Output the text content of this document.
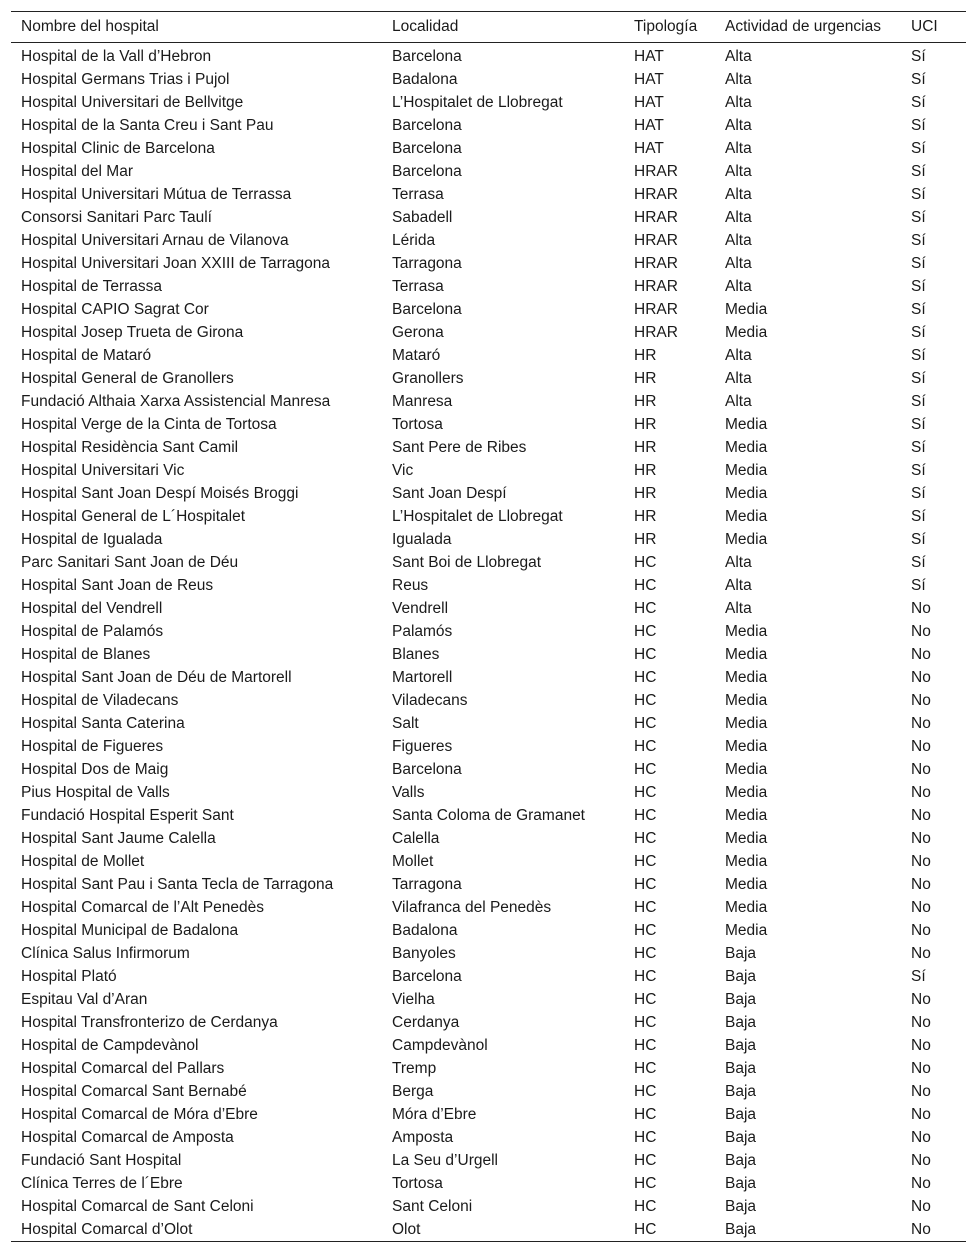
Nombre del hospital	Localidad	Tipología	Actividad de urgencias	UCI
Hospital de la Vall d’Hebron	Barcelona	HAT	Alta	Sí
Hospital Germans Trias i Pujol	Badalona	HAT	Alta	Sí
Hospital Universitari de Bellvitge	L’Hospitalet de Llobregat	HAT	Alta	Sí
Hospital de la Santa Creu i Sant Pau	Barcelona	HAT	Alta	Sí
Hospital Clinic de Barcelona	Barcelona	HAT	Alta	Sí
Hospital del Mar	Barcelona	HRAR	Alta	Sí
Hospital Universitari Mútua de Terrassa	Terrasa	HRAR	Alta	Sí
Consorsi Sanitari Parc Taulí	Sabadell	HRAR	Alta	Sí
Hospital Universitari Arnau de Vilanova	Lérida	HRAR	Alta	Sí
Hospital Universitari Joan XXIII de Tarragona	Tarragona	HRAR	Alta	Sí
Hospital de Terrassa	Terrasa	HRAR	Alta	Sí
Hospital CAPIO Sagrat Cor	Barcelona	HRAR	Media	Sí
Hospital Josep Trueta de Girona	Gerona	HRAR	Media	Sí
Hospital de Mataró	Mataró	HR	Alta	Sí
Hospital General de Granollers	Granollers	HR	Alta	Sí
Fundació Althaia Xarxa Assistencial Manresa	Manresa	HR	Alta	Sí
Hospital Verge de la Cinta de Tortosa	Tortosa	HR	Media	Sí
Hospital Residència Sant Camil	Sant Pere de Ribes	HR	Media	Sí
Hospital Universitari Vic	Vic	HR	Media	Sí
Hospital Sant Joan Despí Moisés Broggi	Sant Joan Despí	HR	Media	Sí
Hospital General de L´Hospitalet	L’Hospitalet de Llobregat	HR	Media	Sí
Hospital de Igualada	Igualada	HR	Media	Sí
Parc Sanitari Sant Joan de Déu	Sant Boi de Llobregat	HC	Alta	Sí
Hospital Sant Joan de Reus	Reus	HC	Alta	Sí
Hospital del Vendrell	Vendrell	HC	Alta	No
Hospital de Palamós	Palamós	HC	Media	No
Hospital de Blanes	Blanes	HC	Media	No
Hospital Sant Joan de Déu de Martorell	Martorell	HC	Media	No
Hospital de Viladecans	Viladecans	HC	Media	No
Hospital Santa Caterina	Salt	HC	Media	No
Hospital de Figueres	Figueres	HC	Media	No
Hospital Dos de Maig	Barcelona	HC	Media	No
Pius Hospital de Valls	Valls	HC	Media	No
Fundació Hospital Esperit Sant	Santa Coloma de Gramanet	HC	Media	No
Hospital Sant Jaume Calella	Calella	HC	Media	No
Hospital de Mollet	Mollet	HC	Media	No
Hospital Sant Pau i Santa Tecla de Tarragona	Tarragona	HC	Media	No
Hospital Comarcal de l’Alt Penedès	Vilafranca del Penedès	HC	Media	No
Hospital Municipal de Badalona	Badalona	HC	Media	No
Clínica Salus Infirmorum	Banyoles	HC	Baja	No
Hospital Plató	Barcelona	HC	Baja	Sí
Espitau Val d’Aran	Vielha	HC	Baja	No
Hospital Transfronterizo de Cerdanya	Cerdanya	HC	Baja	No
Hospital de Campdevànol	Campdevànol	HC	Baja	No
Hospital Comarcal del Pallars	Tremp	HC	Baja	No
Hospital Comarcal Sant Bernabé	Berga	HC	Baja	No
Hospital Comarcal de Móra d’Ebre	Móra d’Ebre	HC	Baja	No
Hospital Comarcal de Amposta	Amposta	HC	Baja	No
Fundació Sant Hospital	La Seu d’Urgell	HC	Baja	No
Clínica Terres de l´Ebre	Tortosa	HC	Baja	No
Hospital Comarcal de Sant Celoni	Sant Celoni	HC	Baja	No
Hospital Comarcal d’Olot	Olot	HC	Baja	No
